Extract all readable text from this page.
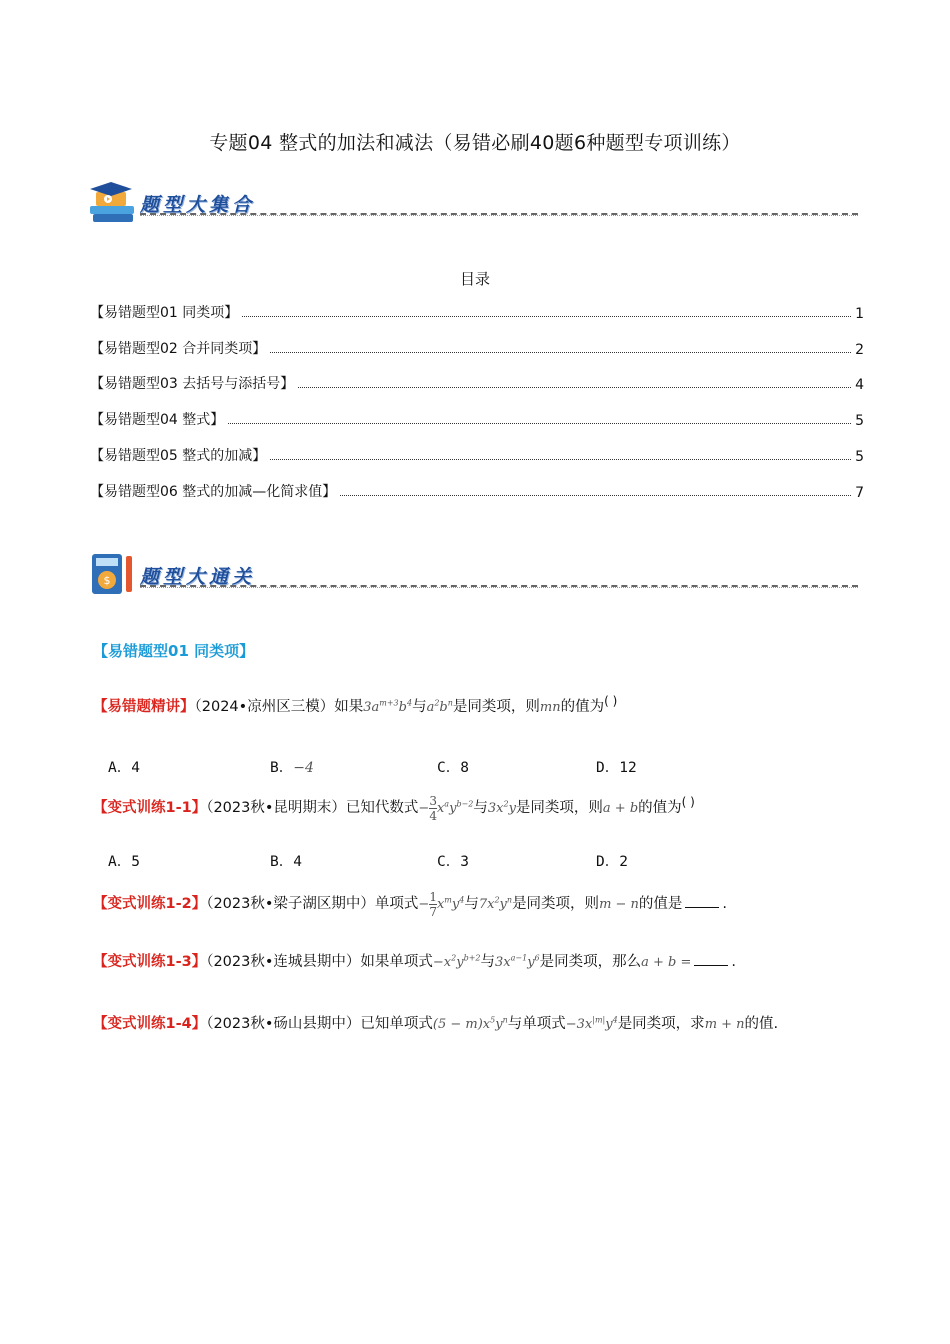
专题04 整式的加法和减法（易错必刷40题6种题型专项训练）
题型大集合
目录
【易错题型01 同类项】	1
【易错题型02 合并同类项】	2
【易错题型03 去括号与添括号】	4
【易错题型04 整式】	5
【易错题型05 整式的加减】	5
【易错题型06 整式的加减—化简求值】	7
$ 题型大通关
【易错题型01 同类项】
【易错题精讲】（2024•凉州区三模）如果$3a^{m+3}b^4$与$a^2b^n$是同类项，则mn的值为( )
A．4	B．−4	C．8	D．12
【变式训练1-1】（2023秋•昆明期末）已知代数式− $\frac{3}{4} x^ay^{b-2}$与$3x^2y$是同类项，则a + b的值为( )
A．5	B．4	C．3	D．2
【变式训练1-2】（2023秋•梁子湖区期中）单项式− $\frac{1}{7} x^my^4$与$7x^2y^n$是同类项，则m − n的值是	.
【变式训练1-3】（2023秋•连城县期中）如果单项式$-x^2y^{b+2}$与$3x^{a-1}y^6$是同类项，那么a + b =	.
【变式训练1-4】（2023秋•砀山县期中）已知单项式$(5 - m)x^5y^n$与单项式$-3x^{|m|}y^4$是同类项，求m + n的值.
